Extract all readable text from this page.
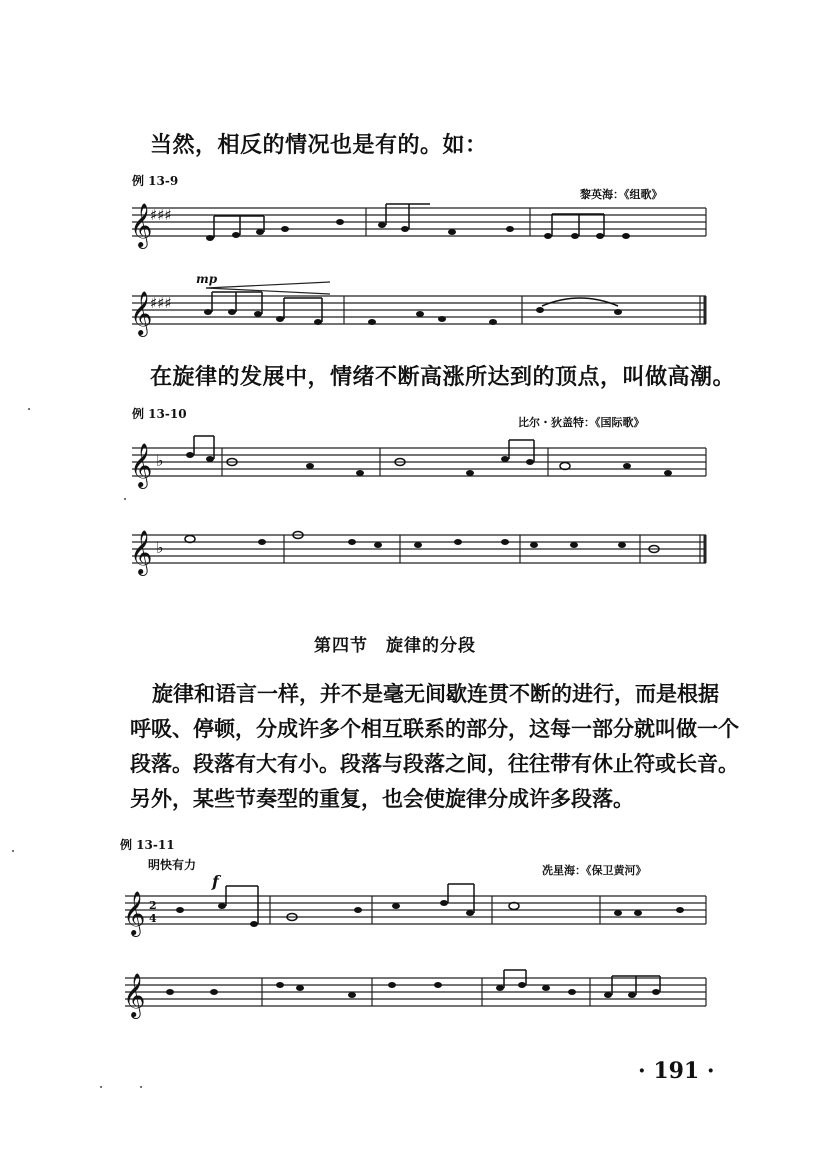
当然，相反的情况也是有的。如：

例 13-9
黎英海：《组歌》
𝄞
♯♯♯
mp
𝄞
♯♯♯

在旋律的发展中，情绪不断高涨所达到的顶点，叫做高潮。

例 13-10
比尔・狄盖特：《国际歌》
𝄞 ♭
𝄞 ♭
第四节　旋律的分段
旋律和语言一样，并不是毫无间歇连贯不断的进行，而是根据
呼吸、停顿，分成许多个相互联系的部分，这每一部分就叫做一个
段落。段落有大有小。段落与段落之间，往往带有休止符或长音。
另外，某些节奏型的重复，也会使旋律分成许多段落。
例 13-11
明快有力	冼星海：《保卫黄河》
f
𝄞 2
4
𝄞
· 191 ·
